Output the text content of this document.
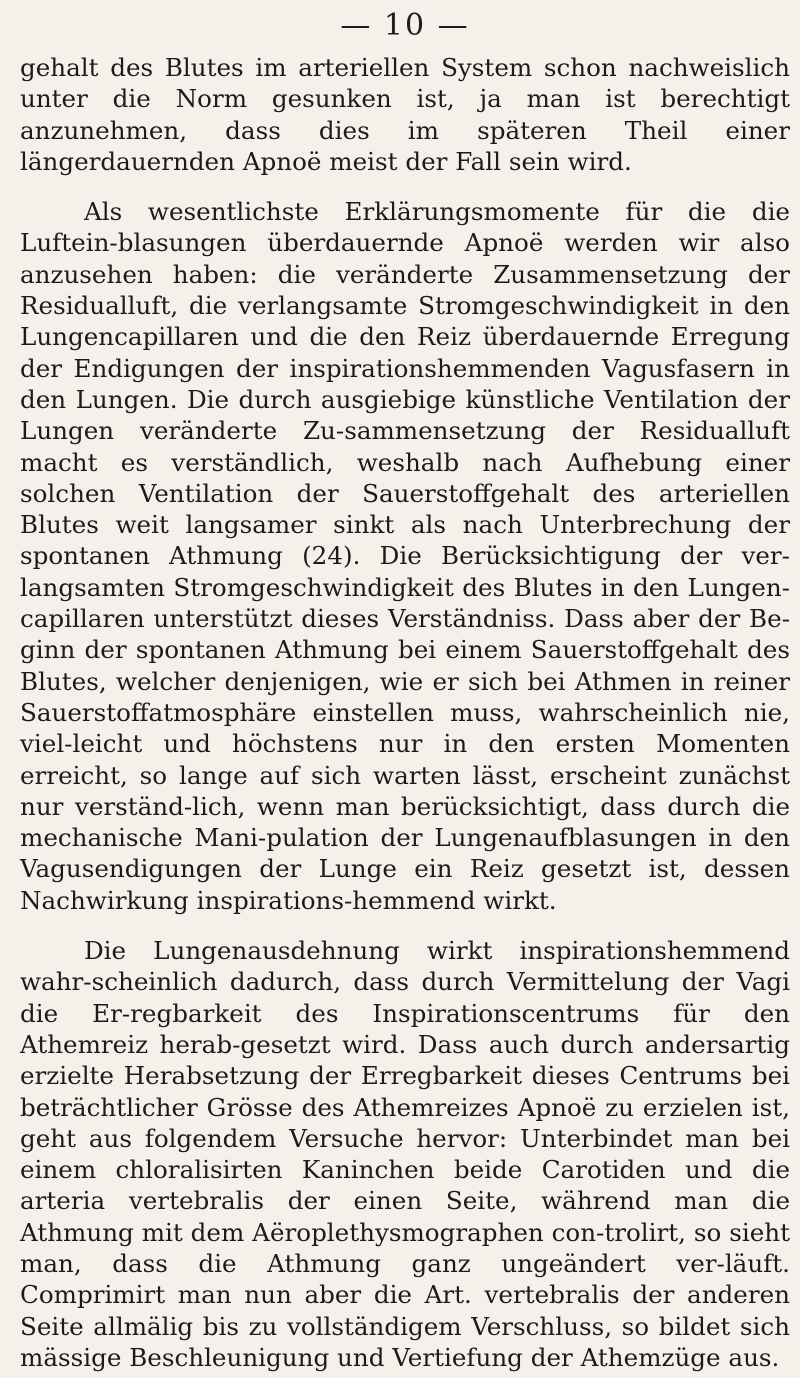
— 10 —

gehalt des Blutes im arteriellen System schon nachweislich unter die Norm gesunken ist, ja man ist berechtigt anzunehmen, dass dies im späteren Theil einer längerdauernden Apnoë meist der Fall sein wird.

Als wesentlichste Erklärungsmomente für die die Luftein-blasungen überdauernde Apnoë werden wir also anzusehen haben: die veränderte Zusammensetzung der Residualluft, die verlangsamte Stromgeschwindigkeit in den Lungencapillaren und die den Reiz überdauernde Erregung der Endigungen der inspirationshemmenden Vagusfasern in den Lungen. Die durch ausgiebige künstliche Ventilation der Lungen veränderte Zu-sammensetzung der Residualluft macht es verständlich, weshalb nach Aufhebung einer solchen Ventilation der Sauerstoffgehalt des arteriellen Blutes weit langsamer sinkt als nach Unterbrechung der spontanen Athmung (24). Die Berücksichtigung der ver-langsamten Stromgeschwindigkeit des Blutes in den Lungen-capillaren unterstützt dieses Verständniss. Dass aber der Be-ginn der spontanen Athmung bei einem Sauerstoffgehalt des Blutes, welcher denjenigen, wie er sich bei Athmen in reiner Sauerstoffatmosphäre einstellen muss, wahrscheinlich nie, viel-leicht und höchstens nur in den ersten Momenten erreicht, so lange auf sich warten lässt, erscheint zunächst nur verständ-lich, wenn man berücksichtigt, dass durch die mechanische Mani-pulation der Lungenaufblasungen in den Vagusendigungen der Lunge ein Reiz gesetzt ist, dessen Nachwirkung inspirations-hemmend wirkt.

Die Lungenausdehnung wirkt inspirationshemmend wahr-scheinlich dadurch, dass durch Vermittelung der Vagi die Er-regbarkeit des Inspirationscentrums für den Athemreiz herab-gesetzt wird. Dass auch durch andersartig erzielte Herabsetzung der Erregbarkeit dieses Centrums bei beträchtlicher Grösse des Athemreizes Apnoë zu erzielen ist, geht aus folgendem Versuche hervor: Unterbindet man bei einem chloralisirten Kaninchen beide Carotiden und die arteria vertebralis der einen Seite, während man die Athmung mit dem Aëroplethysmographen con-trolirt, so sieht man, dass die Athmung ganz ungeändert ver-läuft. Comprimirt man nun aber die Art. vertebralis der anderen Seite allmälig bis zu vollständigem Verschluss, so bildet sich mässige Beschleunigung und Vertiefung der Athemzüge aus.
